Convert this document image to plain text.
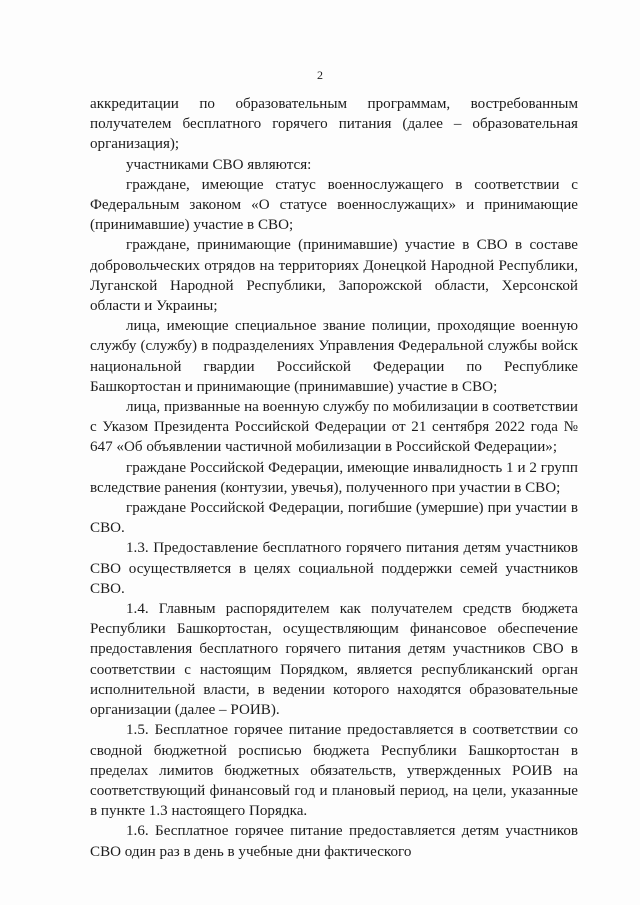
2

аккредитации по образовательным программам, востребованным получателем бесплатного горячего питания (далее – образовательная организация);

участниками СВО являются:

граждане, имеющие статус военнослужащего в соответствии с Федеральным законом «О статусе военнослужащих» и принимающие (принимавшие) участие в СВО;

граждане, принимающие (принимавшие) участие в СВО в составе добровольческих отрядов на территориях Донецкой Народной Республики, Луганской Народной Республики, Запорожской области, Херсонской области и Украины;

лица, имеющие специальное звание полиции, проходящие военную службу (службу) в подразделениях Управления Федеральной службы войск национальной гвардии Российской Федерации по Республике Башкортостан и принимающие (принимавшие) участие в СВО;

лица, призванные на военную службу по мобилизации в соответствии с Указом Президента Российской Федерации от 21 сентября 2022 года № 647 «Об объявлении частичной мобилизации в Российской Федерации»;

граждане Российской Федерации, имеющие инвалидность 1 и 2 групп вследствие ранения (контузии, увечья), полученного при участии в СВО;

граждане Российской Федерации, погибшие (умершие) при участии в СВО.

1.3. Предоставление бесплатного горячего питания детям участников СВО осуществляется в целях социальной поддержки семей участников СВО.

1.4. Главным распорядителем как получателем средств бюджета Республики Башкортостан, осуществляющим финансовое обеспечение предоставления бесплатного горячего питания детям участников СВО в соответствии с настоящим Порядком, является республиканский орган исполнительной власти, в ведении которого находятся образовательные организации (далее – РОИВ).

1.5. Бесплатное горячее питание предоставляется в соответствии со сводной бюджетной росписью бюджета Республики Башкортостан в пределах лимитов бюджетных обязательств, утвержденных РОИВ на соответствующий финансовый год и плановый период, на цели, указанные в пункте 1.3 настоящего Порядка.

1.6. Бесплатное горячее питание предоставляется детям участников СВО один раз в день в учебные дни фактического
